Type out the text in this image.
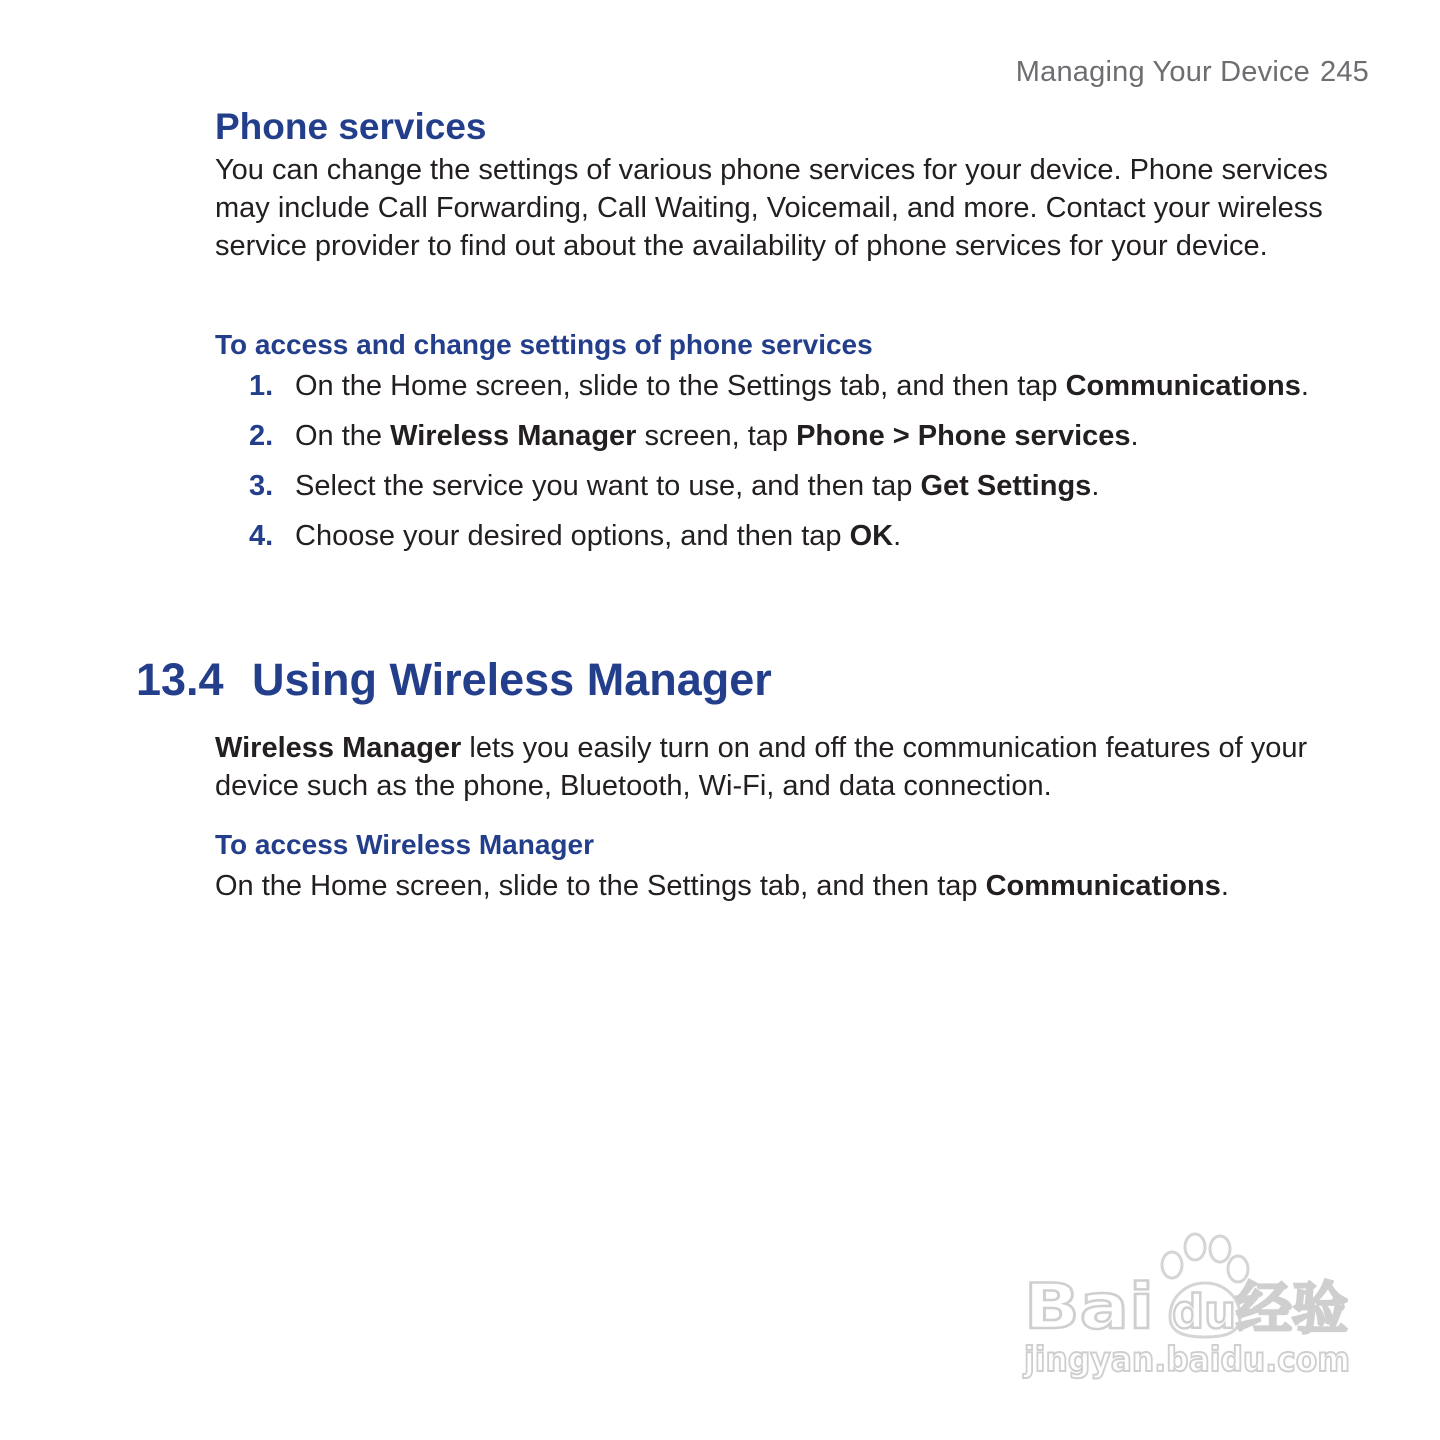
Managing Your Device 245
Phone services

You can change the settings of various phone services for your device. Phone services may include Call Forwarding, Call Waiting, Voicemail, and more. Contact your wireless service provider to find out about the availability of phone services for your device.

To access and change settings of phone services
1. On the Home screen, slide to the Settings tab, and then tap Communications.
2. On the Wireless Manager screen, tap Phone > Phone services.
3. Select the service you want to use, and then tap Get Settings.
4. Choose your desired options, and then tap OK.
13.4 Using Wireless Manager

Wireless Manager lets you easily turn on and off the communication features of your device such as the phone, Bluetooth, Wi-Fi, and data connection.

To access Wireless Manager

On the Home screen, slide to the Settings tab, and then tap Communications.

Bai du 经验
jingyan.baidu.com
